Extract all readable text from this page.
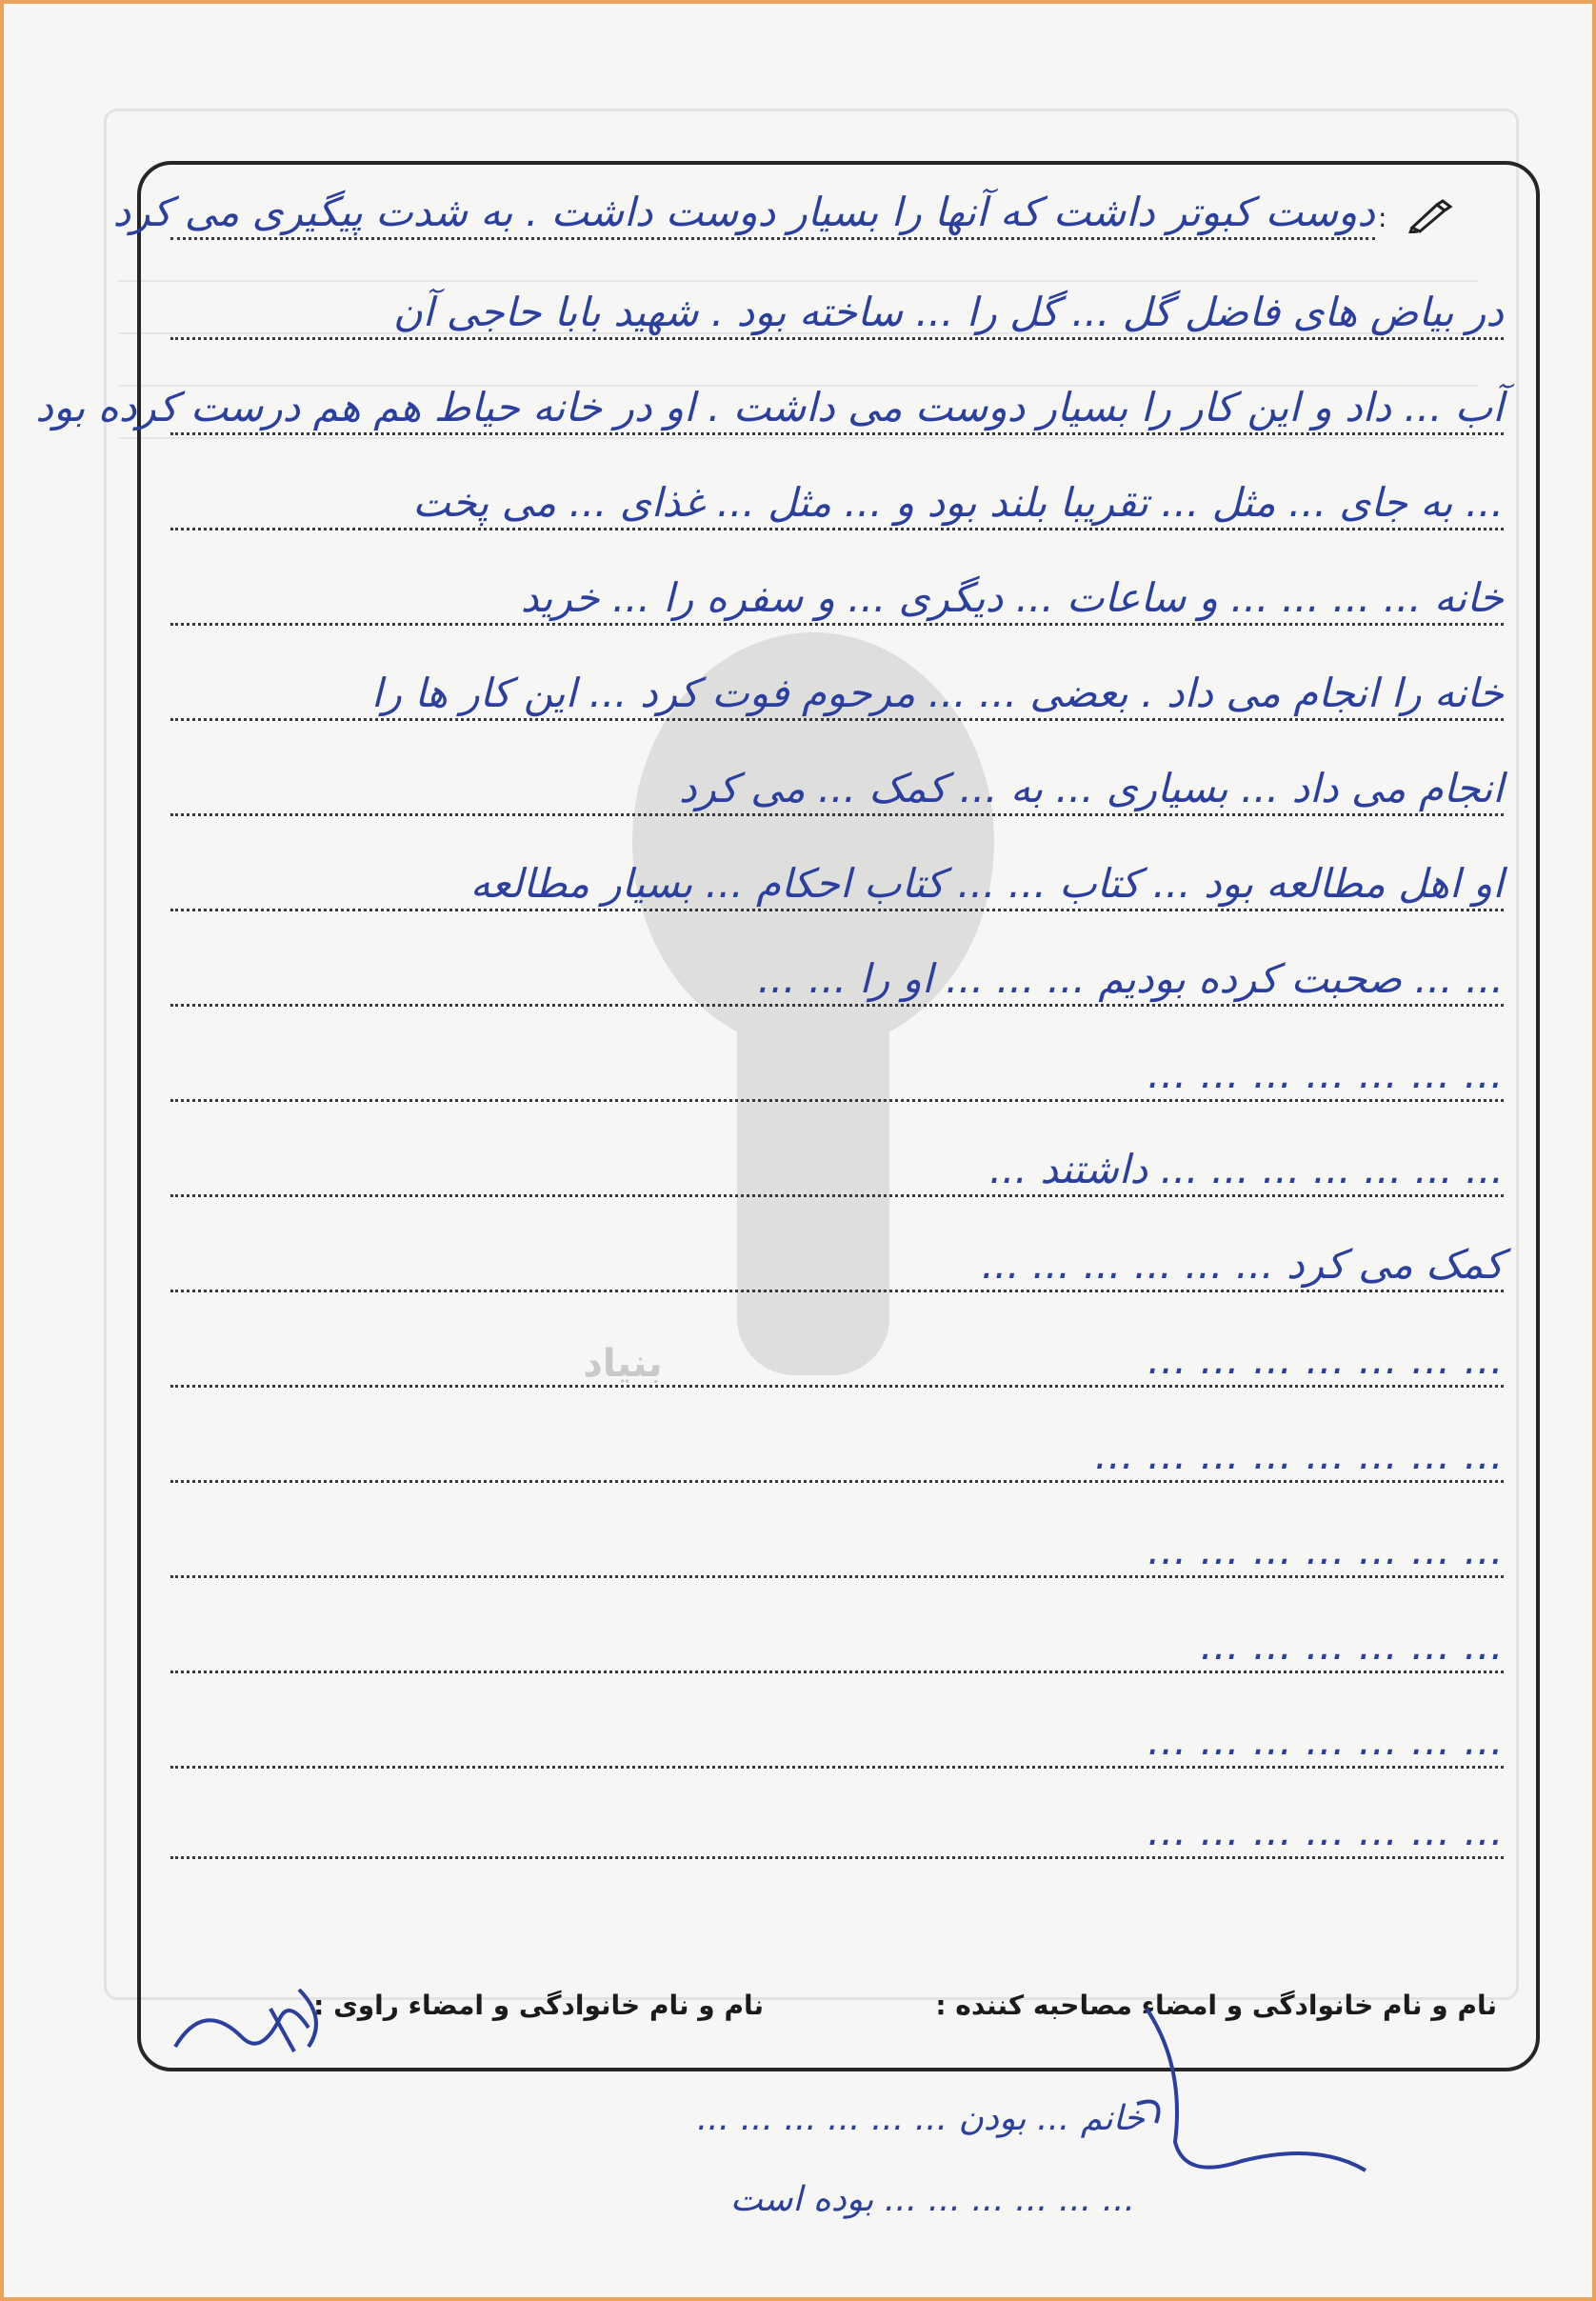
بنیاد
:
دوست کبوتر داشت که آنها را بسیار دوست داشت . به شدت پیگیری می کرد
در بیاض های فاضل گل ... گل را ... ساخته بود . شهید بابا حاجی آن
آب ... داد و این کار را بسیار دوست می داشت . او در خانه حیاط هم هم درست کرده بود
... به جای ... مثل ... تقریبا بلند بود و ... مثل ... غذای ... می پخت
خانه ... ... ... ... و ساعات ... دیگری ... و سفره را ... خرید
خانه را انجام می داد . بعضی ... ... مرحوم فوت کرد ... این کار ها را
انجام می داد ... بسیاری ... به ... کمک ... می کرد
او اهل مطالعه بود ... کتاب ... ... کتاب احکام ... بسیار مطالعه
... ... صحبت کرده بودیم ... ... ... او را ... ...
... ... ... ... ... ... ...
... ... ... ... ... ... ... داشتند ...
کمک می کرد ... ... ... ... ... ...
... ... ... ... ... ... ...
... ... ... ... ... ... ... ...
... ... ... ... ... ... ...
... ... ... ... ... ...
... ... ... ... ... ... ...
... ... ... ... ... ... ...
نام و نام خانوادگی و امضاء مصاحبه کننده :
نام و نام خانوادگی و امضاء راوی :
خانم ... بودن ... ... ... ... ... ...
... ... ... ... ... ... بوده است
